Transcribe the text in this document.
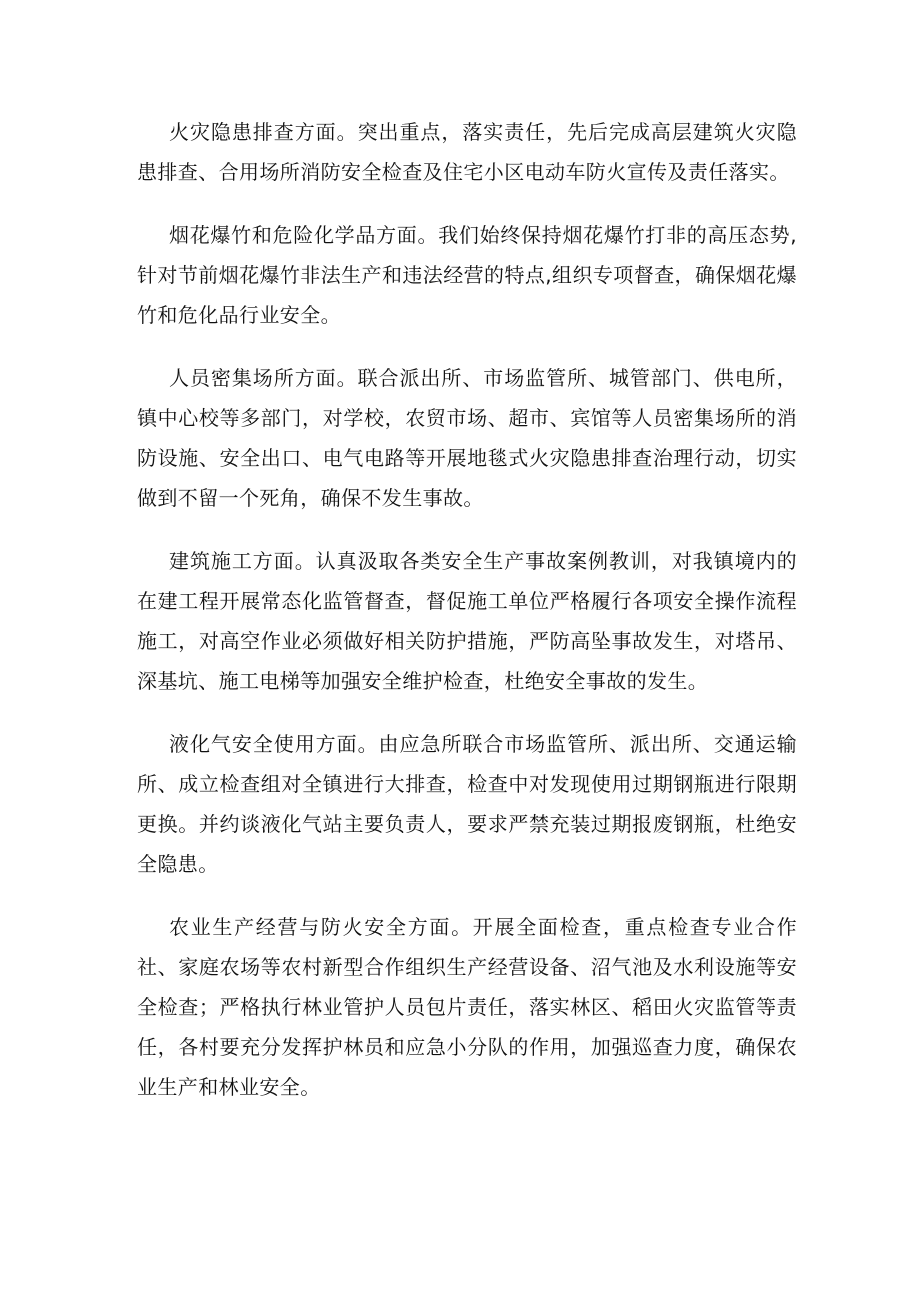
火灾隐患排查方面。突出重点，落实责任，先后完成高层建筑火灾隐患排查、合用场所消防安全检查及住宅小区电动车防火宣传及责任落实。

烟花爆竹和危险化学品方面。我们始终保持烟花爆竹打非的高压态势,针对节前烟花爆竹非法生产和违法经营的特点,组织专项督查，确保烟花爆竹和危化品行业安全。

人员密集场所方面。联合派出所、市场监管所、城管部门、供电所，镇中心校等多部门，对学校，农贸市场、超市、宾馆等人员密集场所的消防设施、安全出口、电气电路等开展地毯式火灾隐患排查治理行动，切实做到不留一个死角，确保不发生事故。

建筑施工方面。认真汲取各类安全生产事故案例教训，对我镇境内的在建工程开展常态化监管督查，督促施工单位严格履行各项安全操作流程施工，对高空作业必须做好相关防护措施，严防高坠事故发生，对塔吊、深基坑、施工电梯等加强安全维护检查，杜绝安全事故的发生。

液化气安全使用方面。由应急所联合市场监管所、派出所、交通运输所、成立检查组对全镇进行大排查，检查中对发现使用过期钢瓶进行限期更换。并约谈液化气站主要负责人，要求严禁充装过期报废钢瓶，杜绝安全隐患。

农业生产经营与防火安全方面。开展全面检查，重点检查专业合作社、家庭农场等农村新型合作组织生产经营设备、沼气池及水利设施等安全检查；严格执行林业管护人员包片责任，落实林区、稻田火灾监管等责任，各村要充分发挥护林员和应急小分队的作用，加强巡查力度，确保农业生产和林业安全。
